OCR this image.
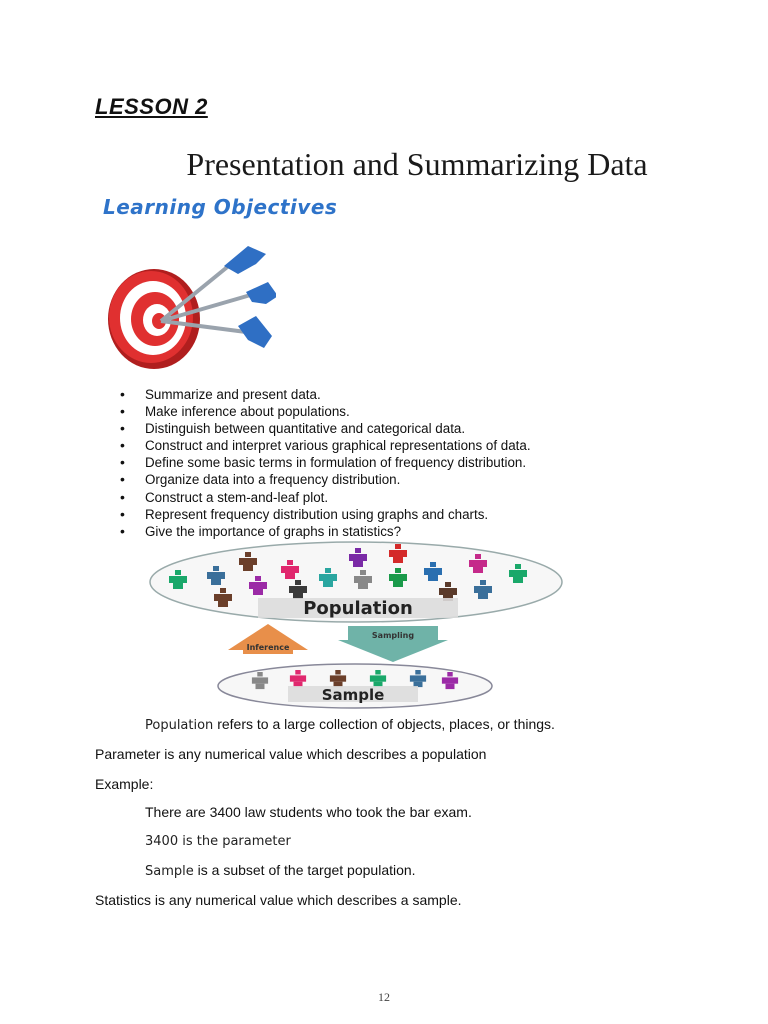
LESSON 2
Presentation and Summarizing Data
Learning Objectives
• Summarize and present data.
• Make inference about populations.
• Distinguish between quantitative and categorical data.
• Construct and interpret various graphical representations of data.
• Define some basic terms in formulation of frequency distribution.
• Organize data into a frequency distribution.
• Construct a stem-and-leaf plot.
• Represent frequency distribution using graphs and charts.
• Give the importance of graphs in statistics?
Population
Inference
Sampling
Sample
Population refers to a large collection of objects, places, or things.
Parameter is any numerical value which describes a population
Example:
There are 3400 law students who took the bar exam.
3400 is the parameter
Sample is a subset of the target population.
Statistics is any numerical value which describes a sample.
12
